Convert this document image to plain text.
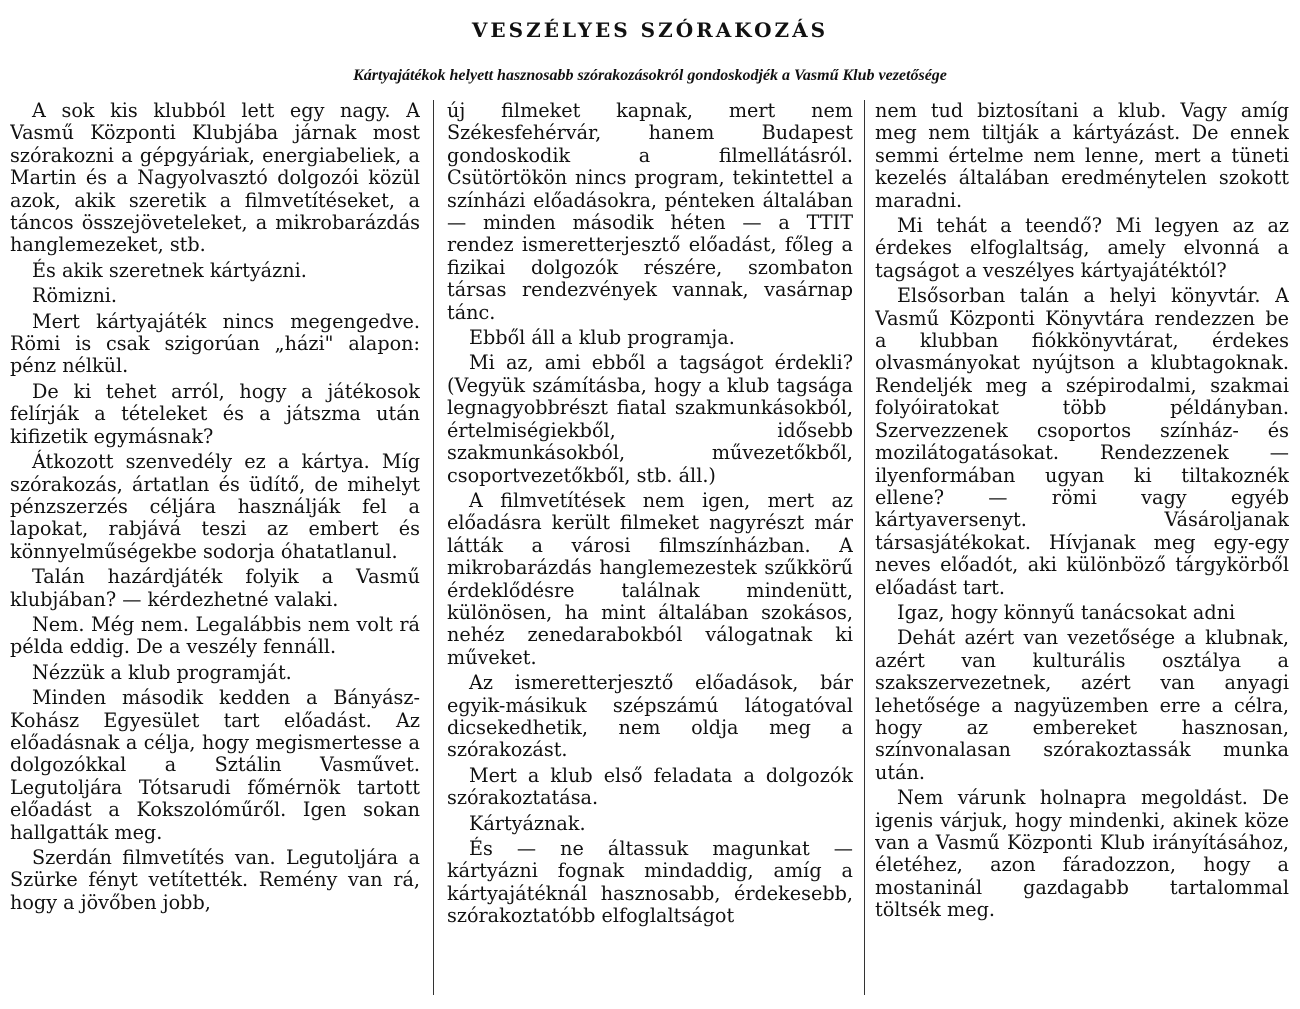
VESZÉLYES SZÓRAKOZÁS
Kártyajátékok helyett hasznosabb szórakozásokról gondoskodjék a Vasmű Klub vezetősége

A sok kis klubból lett egy nagy. A Vasmű Központi Klubjába járnak most szórakozni a gépgyáriak, energiabeliek, a Martin és a Nagyolvasztó dolgozói közül azok, akik szeretik a filmvetítéseket, a táncos összejöveteleket, a mikrobarázdás hanglemezeket, stb.

És akik szeretnek kártyázni.

Römizni.

Mert kártyajáték nincs megengedve. Römi is csak szigorúan „házi" alapon: pénz nélkül.

De ki tehet arról, hogy a játékosok felírják a tételeket és a játszma után kifizetik egymásnak?

Átkozott szenvedély ez a kártya. Míg szórakozás, ártatlan és üdítő, de mihelyt pénzszerzés céljára használják fel a lapokat, rabjává teszi az embert és könnyelműségekbe sodorja óhatatlanul.

Talán hazárdjáték folyik a Vasmű klubjában? — kérdezhetné valaki.

Nem. Még nem. Legalábbis nem volt rá példa eddig. De a veszély fennáll.

Nézzük a klub programját.

Minden második kedden a Bányász-Kohász Egyesület tart előadást. Az előadásnak a célja, hogy megismertesse a dolgozókkal a Sztálin Vasművet. Legutoljára Tótsarudi főmérnök tartott előadást a Kokszolóműről. Igen sokan hallgatták meg.

Szerdán filmvetítés van. Legutoljára a Szürke fényt vetítették. Remény van rá, hogy a jövőben jobb,

új filmeket kapnak, mert nem Székesfehérvár, hanem Budapest gondoskodik a filmellátásról. Csütörtökön nincs program, tekintettel a színházi előadásokra, pénteken általában — minden második héten — a TTIT rendez ismeretterjesztő előadást, főleg a fizikai dolgozók részére, szombaton társas rendezvények vannak, vasárnap tánc.

Ebből áll a klub programja.

Mi az, ami ebből a tagságot érdekli? (Vegyük számításba, hogy a klub tagsága legnagyobbrészt fiatal szakmunkásokból, értelmiségiekből, idősebb szakmunkásokból, művezetőkből, csoportvezetőkből, stb. áll.)

A filmvetítések nem igen, mert az előadásra került filmeket nagyrészt már látták a városi filmszínházban. A mikrobarázdás hanglemezestek szűkkörű érdeklődésre találnak mindenütt, különösen, ha mint általában szokásos, nehéz zenedarabokból válogatnak ki műveket.

Az ismeretterjesztő előadások, bár egyik-másikuk szépszámú látogatóval dicsekedhetik, nem oldja meg a szórakozást.

Mert a klub első feladata a dolgozók szórakoztatása.

Kártyáznak.

És — ne áltassuk magunkat — kártyázni fognak mindaddig, amíg a kártyajátéknál hasznosabb, érdekesebb, szórakoztatóbb elfoglaltságot

nem tud biztosítani a klub. Vagy amíg meg nem tiltják a kártyázást. De ennek semmi értelme nem lenne, mert a tüneti kezelés általában eredménytelen szokott maradni.

Mi tehát a teendő? Mi legyen az az érdekes elfoglaltság, amely elvonná a tagságot a veszélyes kártyajátéktól?

Elsősorban talán a helyi könyvtár. A Vasmű Központi Könyvtára rendezzen be a klubban fiókkönyvtárat, érdekes olvasmányokat nyújtson a klubtagoknak. Rendeljék meg a szépirodalmi, szakmai folyóiratokat több példányban. Szervezzenek csoportos színház- és mozilátogatásokat. Rendezzenek — ilyenformában ugyan ki tiltakoznék ellene? — römi vagy egyéb kártyaversenyt. Vásároljanak társasjátékokat. Hívjanak meg egy-egy neves előadót, aki különböző tárgykörből előadást tart.

Igaz, hogy könnyű tanácsokat adni

Dehát azért van vezetősége a klubnak, azért van kulturális osztálya a szakszervezetnek, azért van anyagi lehetősége a nagyüzemben erre a célra, hogy az embereket hasznosan, színvonalasan szórakoztassák munka után.

Nem várunk holnapra megoldást. De igenis várjuk, hogy mindenki, akinek köze van a Vasmű Központi Klub irányításához, életéhez, azon fáradozzon, hogy a mostaninál gazdagabb tartalommal töltsék meg.
